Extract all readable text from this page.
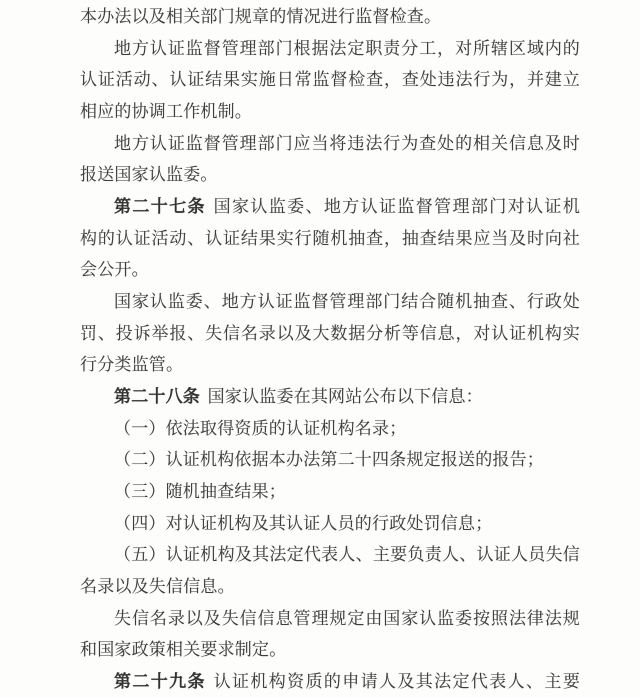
本办法以及相关部门规章的情况进行监督检查。
地方认证监督管理部门根据法定职责分工，对所辖区域内的
认证活动、认证结果实施日常监督检查，查处违法行为，并建立
相应的协调工作机制。
地方认证监督管理部门应当将违法行为查处的相关信息及时
报送国家认监委。
第二十七条 国家认监委、地方认证监督管理部门对认证机
构的认证活动、认证结果实行随机抽查，抽查结果应当及时向社
会公开。
国家认监委、地方认证监督管理部门结合随机抽查、行政处
罚、投诉举报、失信名录以及大数据分析等信息，对认证机构实
行分类监管。
第二十八条 国家认监委在其网站公布以下信息：
（一）依法取得资质的认证机构名录；
（二）认证机构依据本办法第二十四条规定报送的报告；
（三）随机抽查结果；
（四）对认证机构及其认证人员的行政处罚信息；
（五）认证机构及其法定代表人、主要负责人、认证人员失信
名录以及失信信息。
失信名录以及失信信息管理规定由国家认监委按照法律法规
和国家政策相关要求制定。
第二十九条 认证机构资质的申请人及其法定代表人、主要
